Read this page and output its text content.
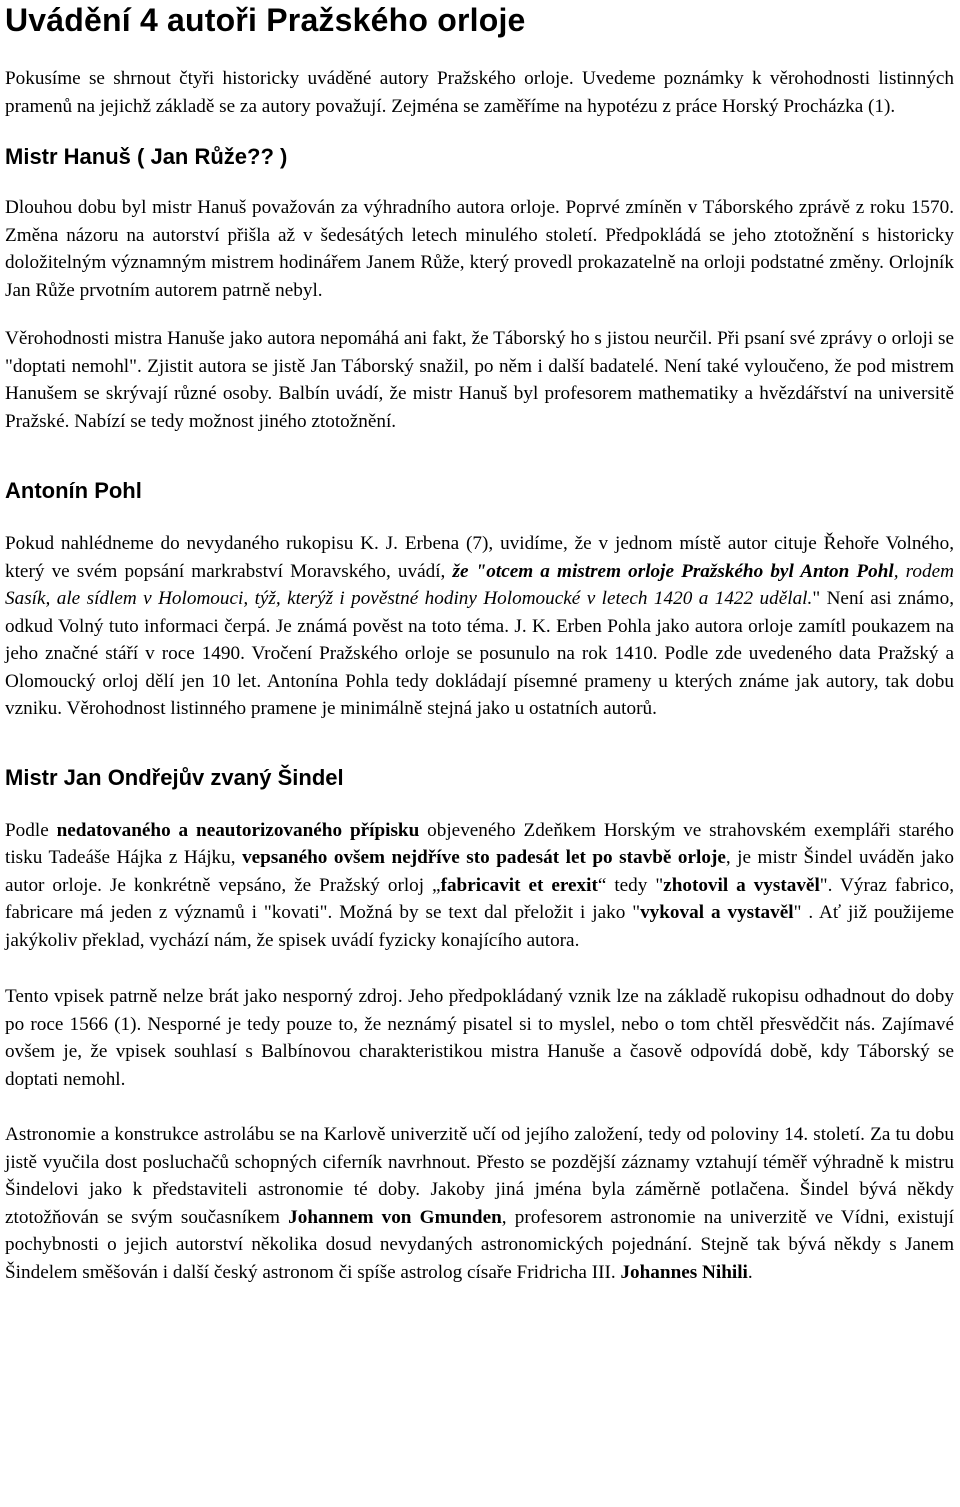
Uvádění 4 autoři Pražského orloje

Pokusíme se shrnout čtyři historicky uváděné autory Pražského orloje. Uvedeme poznámky k věrohodnosti listinných pramenů na jejichž základě se za autory považují. Zejména se zaměříme na hypotézu z práce Horský Procházka (1).

Mistr Hanuš ( Jan Růže?? )

Dlouhou dobu byl mistr Hanuš považován za výhradního autora orloje. Poprvé zmíněn v Táborského zprávě z roku 1570. Změna názoru na autorství přišla až v šedesátých letech minulého století. Předpokládá se jeho ztotožnění s historicky doložitelným významným mistrem hodinářem Janem Růže, který provedl prokazatelně na orloji podstatné změny. Orlojník Jan Růže prvotním autorem patrně nebyl.

Věrohodnosti mistra Hanuše jako autora nepomáhá ani fakt, že Táborský ho s jistou neurčil. Při psaní své zprávy o orloji se "doptati nemohl". Zjistit autora se jistě Jan Táborský snažil, po něm i další badatelé. Není také vyloučeno, že pod mistrem Hanušem se skrývají různé osoby. Balbín uvádí, že mistr Hanuš byl profesorem mathematiky a hvězdářství na universitě Pražské. Nabízí se tedy možnost jiného ztotožnění.

Antonín Pohl

Pokud nahlédneme do nevydaného rukopisu K. J. Erbena (7), uvidíme, že v jednom místě autor cituje Řehoře Volného, který ve svém popsání markrabství Moravského, uvádí, že "otcem a mistrem orloje Pražského byl Anton Pohl, rodem Sasík, ale sídlem v Holomouci, týž, kterýž i pověstné hodiny Holomoucké v letech 1420 a 1422 udělal." Není asi známo, odkud Volný tuto informaci čerpá. Je známá pověst na toto téma. J. K. Erben Pohla jako autora orloje zamítl poukazem na jeho značné stáří v roce 1490. Vročení Pražského orloje se posunulo na rok 1410. Podle zde uvedeného data Pražský a Olomoucký orloj dělí jen 10 let. Antonína Pohla tedy dokládají písemné prameny u kterých známe jak autory, tak dobu vzniku. Věrohodnost listinného pramene je minimálně stejná jako u ostatních autorů.

Mistr Jan Ondřejův zvaný Šindel

Podle nedatovaného a neautorizovaného přípisku objeveného Zdeňkem Horským ve strahovském exempláři starého tisku Tadeáše Hájka z Hájku, vepsaného ovšem nejdříve sto padesát let po stavbě orloje, je mistr Šindel uváděn jako autor orloje. Je konkrétně vepsáno, že Pražský orloj „fabricavit et erexit“ tedy "zhotovil a vystavěl". Výraz fabrico, fabricare má jeden z významů i "kovati". Možná by se text dal přeložit i jako "vykoval a vystavěl" . Ať již použijeme jakýkoliv překlad, vychází nám, že spisek uvádí fyzicky konajícího autora.

Tento vpisek patrně nelze brát jako nesporný zdroj. Jeho předpokládaný vznik lze na základě rukopisu odhadnout do doby po roce 1566 (1). Nesporné je tedy pouze to, že neznámý pisatel si to myslel, nebo o tom chtěl přesvědčit nás. Zajímavé ovšem je, že vpisek souhlasí s Balbínovou charakteristikou mistra Hanuše a časově odpovídá době, kdy Táborský se doptati nemohl.

Astronomie a konstrukce astrolábu se na Karlově univerzitě učí od jejího založení, tedy od poloviny 14. století. Za tu dobu jistě vyučila dost posluchačů schopných ciferník navrhnout. Přesto se pozdější záznamy vztahují téměř výhradně k mistru Šindelovi jako k představiteli astronomie té doby. Jakoby jiná jména byla záměrně potlačena. Šindel bývá někdy ztotožňován se svým současníkem Johannem von Gmunden, profesorem astronomie na univerzitě ve Vídni, existují pochybnosti o jejich autorství několika dosud nevydaných astronomických pojednání. Stejně tak bývá někdy s Janem Šindelem směšován i další český astronom či spíše astrolog císaře Fridricha III. Johannes Nihili.
